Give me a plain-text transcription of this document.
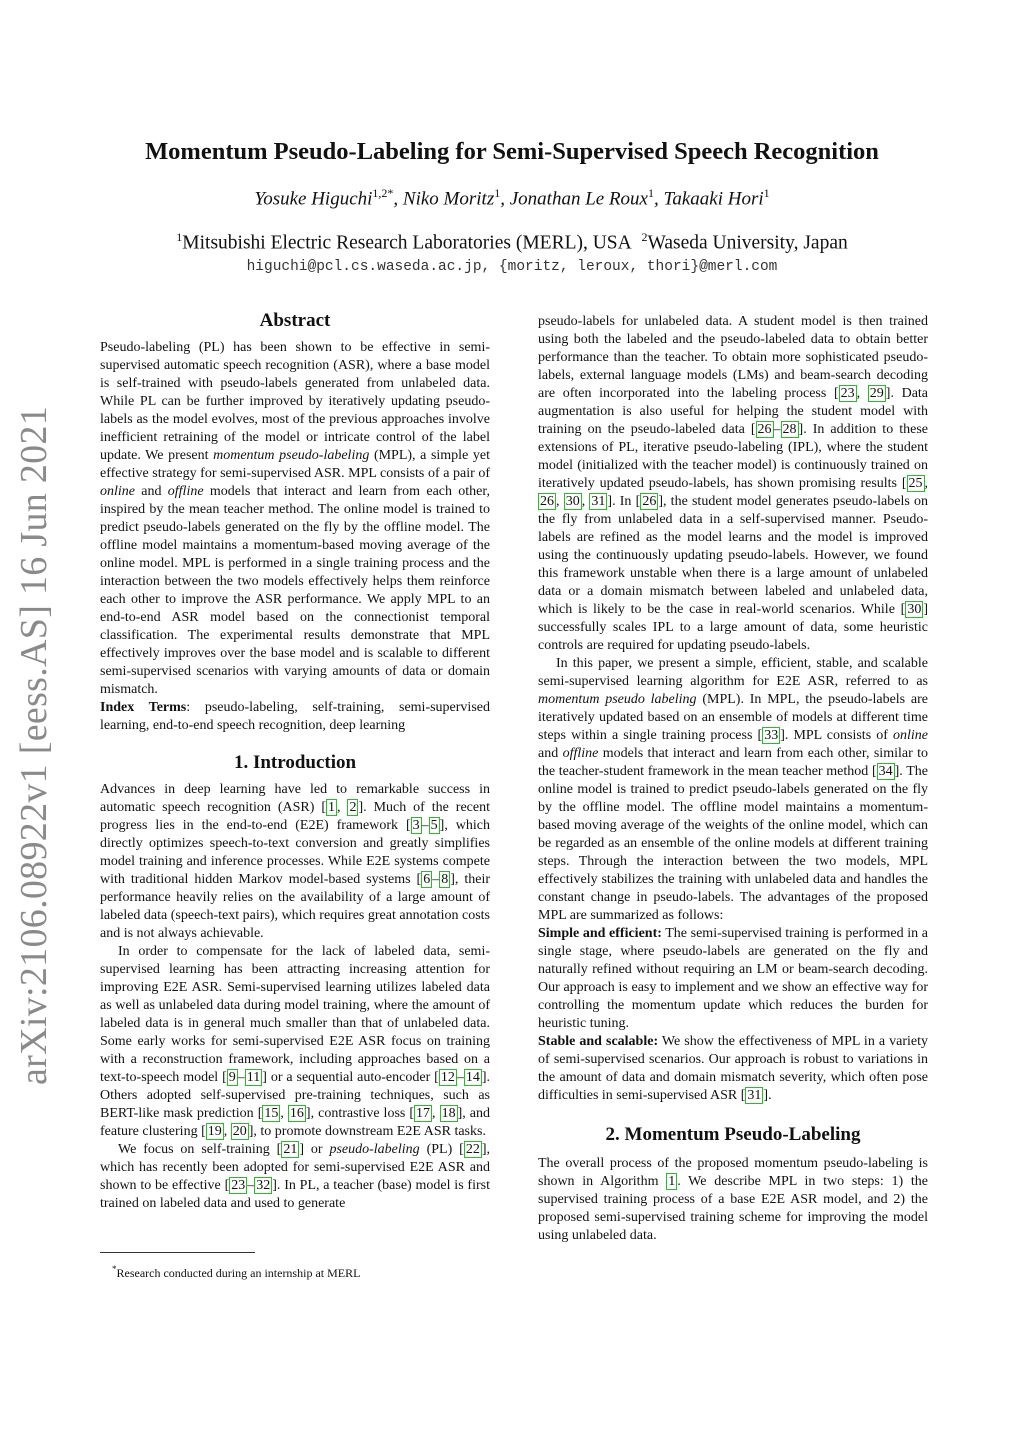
arXiv:2106.08922v1 [eess.AS] 16 Jun 2021
Momentum Pseudo-Labeling for Semi-Supervised Speech Recognition
Yosuke Higuchi$^{1,2*}$, Niko Moritz$^1$, Jonathan Le Roux$^1$, Takaaki Hori$^1$
$^1$Mitsubishi Electric Research Laboratories (MERL), USA $^2$Waseda University, Japan
higuchi@pcl.cs.waseda.ac.jp, {moritz, leroux, thori}@merl.com
Abstract

Pseudo-labeling (PL) has been shown to be effective in semi-supervised automatic speech recognition (ASR), where a base model is self-trained with pseudo-labels generated from unlabeled data. While PL can be further improved by iteratively updating pseudo-labels as the model evolves, most of the previous approaches involve inefficient retraining of the model or intricate control of the label update. We present momentum pseudo-labeling (MPL), a simple yet effective strategy for semi-supervised ASR. MPL consists of a pair of online and offline models that interact and learn from each other, inspired by the mean teacher method. The online model is trained to predict pseudo-labels generated on the fly by the offline model. The offline model maintains a momentum-based moving average of the online model. MPL is performed in a single training process and the interaction between the two models effectively helps them reinforce each other to improve the ASR performance. We apply MPL to an end-to-end ASR model based on the connectionist temporal classification. The experimental results demonstrate that MPL effectively improves over the base model and is scalable to different semi-supervised scenarios with varying amounts of data or domain mismatch.

Index Terms: pseudo-labeling, self-training, semi-supervised learning, end-to-end speech recognition, deep learning

1. Introduction

Advances in deep learning have led to remarkable success in automatic speech recognition (ASR) [ 1 , 2 ]. Much of the recent progress lies in the end-to-end (E2E) framework [ 3 – 5 ], which directly optimizes speech-to-text conversion and greatly simplifies model training and inference processes. While E2E systems compete with traditional hidden Markov model-based systems [ 6 – 8 ], their performance heavily relies on the availability of a large amount of labeled data (speech-text pairs), which requires great annotation costs and is not always achievable.

In order to compensate for the lack of labeled data, semi-supervised learning has been attracting increasing attention for improving E2E ASR. Semi-supervised learning utilizes labeled data as well as unlabeled data during model training, where the amount of labeled data is in general much smaller than that of unlabeled data. Some early works for semi-supervised E2E ASR focus on training with a reconstruction framework, including approaches based on a text-to-speech model [ 9 – 11 ] or a sequential auto-encoder [ 12 – 14 ]. Others adopted self-supervised pre-training techniques, such as BERT-like mask prediction [ 15 , 16 ], contrastive loss [ 17 , 18 ], and feature clustering [ 19 , 20 ], to promote downstream E2E ASR tasks.

We focus on self-training [ 21 ] or pseudo-labeling (PL) [ 22 ], which has recently been adopted for semi-supervised E2E ASR and shown to be effective [ 23 – 32 ]. In PL, a teacher (base) model is first trained on labeled data and used to generate

pseudo-labels for unlabeled data. A student model is then trained using both the labeled and the pseudo-labeled data to obtain better performance than the teacher. To obtain more sophisticated pseudo-labels, external language models (LMs) and beam-search decoding are often incorporated into the labeling process [ 23 , 29 ]. Data augmentation is also useful for helping the student model with training on the pseudo-labeled data [ 26 – 28 ]. In addition to these extensions of PL, iterative pseudo-labeling (IPL), where the student model (initialized with the teacher model) is continuously trained on iteratively updated pseudo-labels, has shown promising results [ 25 , 26 , 30 , 31 ]. In [ 26 ], the student model generates pseudo-labels on the fly from unlabeled data in a self-supervised manner. Pseudo-labels are refined as the model learns and the model is improved using the continuously updating pseudo-labels. However, we found this framework unstable when there is a large amount of unlabeled data or a domain mismatch between labeled and unlabeled data, which is likely to be the case in real-world scenarios. While [ 30 ] successfully scales IPL to a large amount of data, some heuristic controls are required for updating pseudo-labels.

In this paper, we present a simple, efficient, stable, and scalable semi-supervised learning algorithm for E2E ASR, referred to as momentum pseudo labeling (MPL). In MPL, the pseudo-labels are iteratively updated based on an ensemble of models at different time steps within a single training process [ 33 ]. MPL consists of online and offline models that interact and learn from each other, similar to the teacher-student framework in the mean teacher method [ 34 ]. The online model is trained to predict pseudo-labels generated on the fly by the offline model. The offline model maintains a momentum-based moving average of the weights of the online model, which can be regarded as an ensemble of the online models at different training steps. Through the interaction between the two models, MPL effectively stabilizes the training with unlabeled data and handles the constant change in pseudo-labels. The advantages of the proposed MPL are summarized as follows:

Simple and efficient: The semi-supervised training is performed in a single stage, where pseudo-labels are generated on the fly and naturally refined without requiring an LM or beam-search decoding. Our approach is easy to implement and we show an effective way for controlling the momentum update which reduces the burden for heuristic tuning.

Stable and scalable: We show the effectiveness of MPL in a variety of semi-supervised scenarios. Our approach is robust to variations in the amount of data and domain mismatch severity, which often pose difficulties in semi-supervised ASR [ 31 ].

2. Momentum Pseudo-Labeling

The overall process of the proposed momentum pseudo-labeling is shown in Algorithm 1 . We describe MPL in two steps: 1) the supervised training process of a base E2E ASR model, and 2) the proposed semi-supervised training scheme for improving the model using unlabeled data.

*Research conducted during an internship at MERL
